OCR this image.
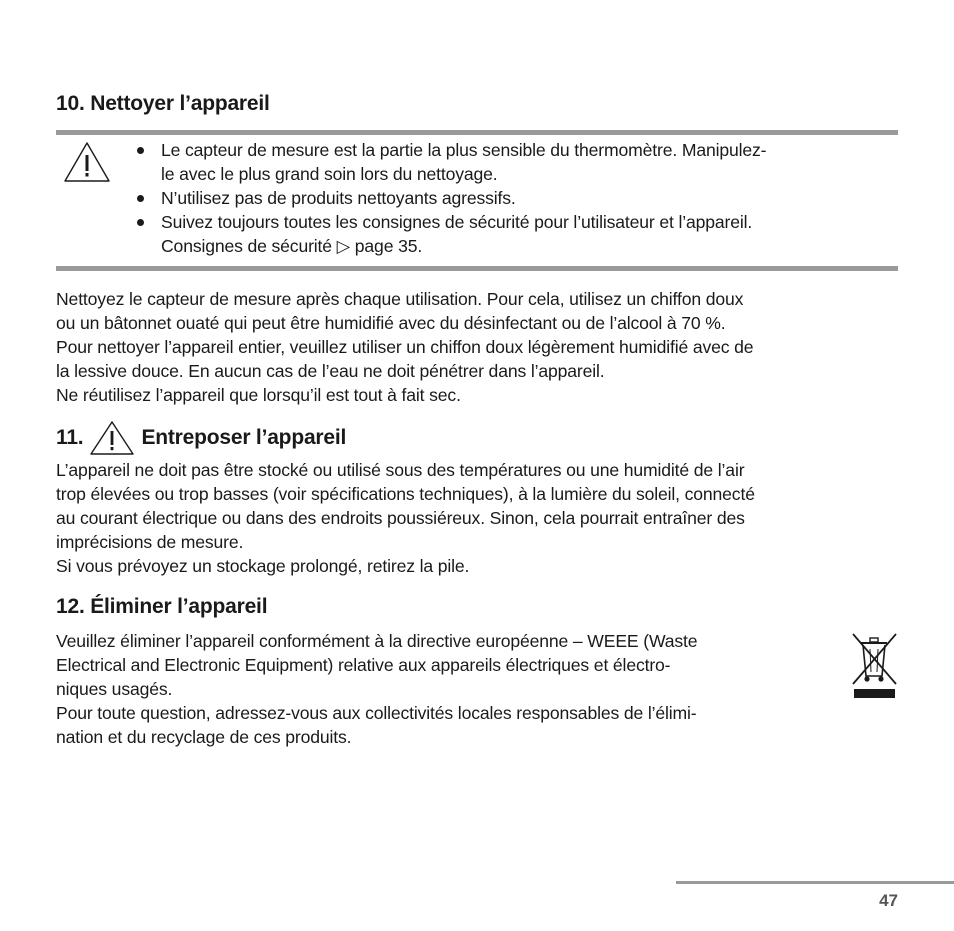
10. Nettoyer l’appareil
Le capteur de mesure est la partie la plus sensible du thermomètre. Manipulez-
le avec le plus grand soin lors du nettoyage.
N’utilisez pas de produits nettoyants agressifs.
Suivez toujours toutes les consignes de sécurité pour l’utilisateur et l’appareil.
Consignes de sécurité ▷ page 35.

Nettoyez le capteur de mesure après chaque utilisation. Pour cela, utilisez un chiffon doux
ou un bâtonnet ouaté qui peut être humidifié avec du désinfectant ou de l’alcool à 70 %.
Pour nettoyer l’appareil entier, veuillez utiliser un chiffon doux légèrement humidifié avec de
la lessive douce. En aucun cas de l’eau ne doit pénétrer dans l’appareil.
Ne réutilisez l’appareil que lorsqu’il est tout à fait sec.

11.	Entreposer l’appareil

L’appareil ne doit pas être stocké ou utilisé sous des températures ou une humidité de l’air
trop élevées ou trop basses (voir spécifications techniques), à la lumière du soleil, connecté
au courant électrique ou dans des endroits poussiéreux. Sinon, cela pourrait entraîner des
imprécisions de mesure.
Si vous prévoyez un stockage prolongé, retirez la pile.

12. Éliminer l’appareil

Veuillez éliminer l’appareil conformément à la directive européenne – WEEE (Waste
Electrical and Electronic Equipment) relative aux appareils électriques et électro-
niques usagés.
Pour toute question, adressez-vous aux collectivités locales responsables de l’élimi-
nation et du recyclage de ces produits.

47
